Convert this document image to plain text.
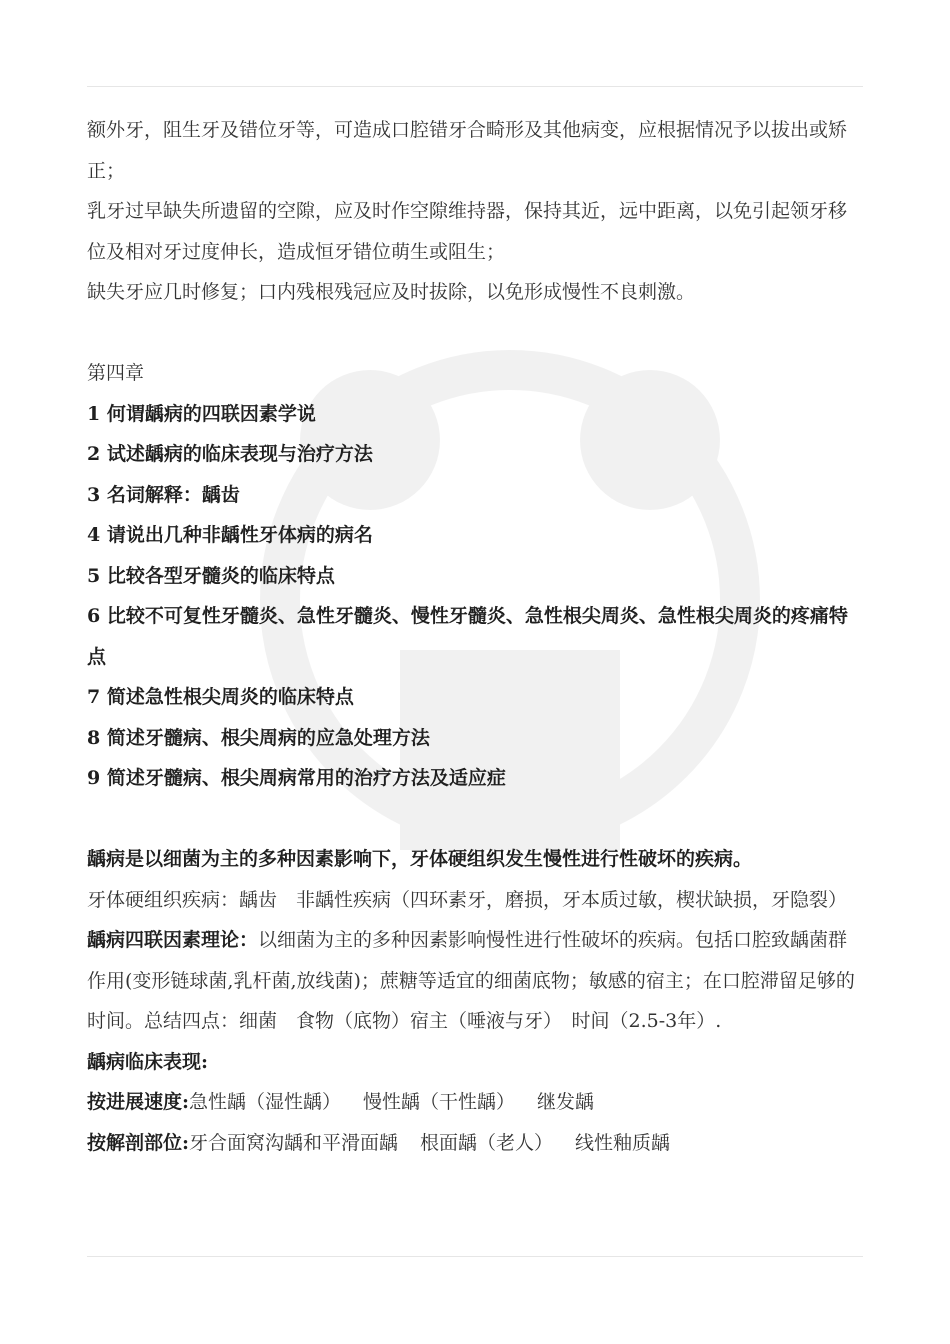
额外牙，阻生牙及错位牙等，可造成口腔错牙合畸形及其他病变，应根据情况予以拔出或矫正；

乳牙过早缺失所遗留的空隙，应及时作空隙维持器，保持其近，远中距离，以免引起领牙移位及相对牙过度伸长，造成恒牙错位萌生或阻生；

缺失牙应几时修复；口内残根残冠应及时拔除，以免形成慢性不良刺激。

第四章

1 何谓龋病的四联因素学说

2 试述龋病的临床表现与治疗方法

3 名词解释：龋齿

4 请说出几种非龋性牙体病的病名

5 比较各型牙髓炎的临床特点

6 比较不可复性牙髓炎、急性牙髓炎、慢性牙髓炎、急性根尖周炎、急性根尖周炎的疼痛特点

7 简述急性根尖周炎的临床特点

8 简述牙髓病、根尖周病的应急处理方法

9 简述牙髓病、根尖周病常用的治疗方法及适应症

龋病是以细菌为主的多种因素影响下，牙体硬组织发生慢性进行性破坏的疾病。

牙体硬组织疾病：龋齿　非龋性疾病（四环素牙，磨损，牙本质过敏，楔状缺损，牙隐裂）

龋病四联因素理论：以细菌为主的多种因素影响慢性进行性破坏的疾病。包括口腔致龋菌群作用(变形链球菌,乳杆菌,放线菌)；蔗糖等适宜的细菌底物；敏感的宿主；在口腔滞留足够的时间。总结四点：细菌　食物（底物）宿主（唾液与牙）　时间（2.5-3年）.

龋病临床表现:

按进展速度:急性龋（湿性龋） 慢性龋（干性龋） 继发龋

按解剖部位:牙合面窝沟龋和平滑面龋 根面龋（老人） 线性釉质龋
